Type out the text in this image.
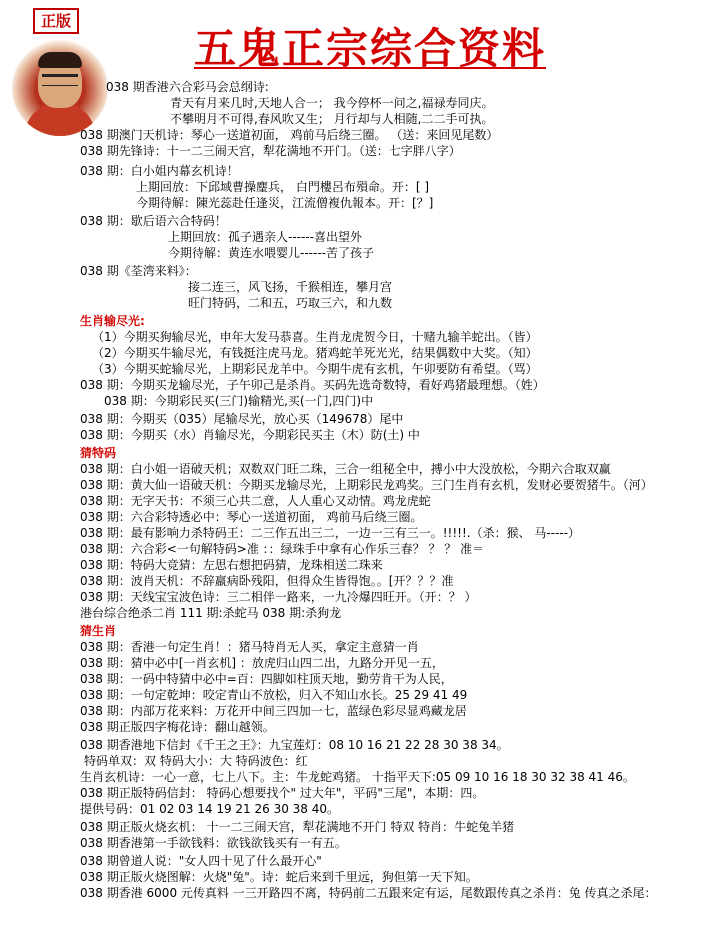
正版
五鬼正宗综合资料
038 期香港六合彩马会总纲诗:
青天有月来几时,天地人合一； 我今停杯一问之,福禄寿同庆。
不攀明月不可得,春风吹又生； 月行却与人相随,二二手可执。
038 期澳门天机诗：琴心一送道初面， 鸡前马后绕三圈。 （送：来回见尾数）
038 期先锋诗：十一二三闹天宫，犁花满地不开门。（送：七字胖八字）
038 期：白小姐内幕玄机诗！
上期回放：下邱域曹操麈兵， 白門樓呂布殞命。开：[ ]
今期待解：陳光蕊赴任逢災，江流僧複仇報本。开：[？]
038 期：歇后语六合特码！
上期回放：孤子遇亲人------喜出望外
今期待解：黄连水喂婴儿------苦了孩子
038 期《荃湾来料》：
接二连三，风飞扬，千猴相连，攀月宫
旺门特码，二和五，巧取三六，和九数
生肖输尽光:
（1）今期买狗输尽光，申年大发马恭喜。生肖龙虎贺今日，十赌九输羊蛇出。（皆）
（2）今期买牛输尽光，有钱挺注虎马龙。猪鸡蛇羊死光光，结果偶数中大奖。（知）
（3）今期买蛇输尽光，上期彩民龙羊中。今期牛虎有玄机，午卯要防有希望。（骂）
038 期：今期买龙输尽光，子午卯己是杀肖。买码先选奇数特，看好鸡猪最理想。（姓）
038 期：今期彩民买(三门)输精光,买(一门,四门)中
038 期：今期买（035）尾输尽光，放心买（149678）尾中
038 期：今期买（水）肖输尽光，今期彩民买主（木）防(土) 中
猜特码
038 期：白小姐一语破天机；双数双门旺二珠，三合一组秘全中，搏小中大没放松，今期六合取双赢
038 期：黄大仙一语破天机：今期买龙输尽光，上期彩民龙鸡奖。三门生肖有玄机，发财必要贺猪牛。（河）
038 期：无字天书：不须三心共二意，人人重心又动情。鸡龙虎蛇
038 期：六合彩特透必中：琴心一送道初面， 鸡前马后绕三圈。
038 期：最有影响力杀特码王：二三作五出三二，一边一三有三一。!!!!!.（杀：猴、 马-----）
038 期：六合彩<一句解特码>准 ：：绿珠手中拿有心作乐三春？ ？ ？ 准＝
038 期：特码大竞猜：左思右想把码猜，龙珠相送二珠来
038 期：波肖天机：不辞羸病卧残阳，但得众生皆得饱。。[开？？？准
038 期：天线宝宝波色诗：三二相伴一路来，一九冷爆四旺开。（开：？ ）
港台综合绝杀二肖 111 期:杀蛇马 038 期:杀狗龙
猜生肖
038 期：香港一句定生肖！：猪马特肖无人买，拿定主意猜一肖
038 期：猜中必中[一肖玄机] ：放虎归山四二出，九路分开见一五，
038 期：一码中特猜中必中=百：四脚如柱顶天地，勤劳肯干为人民，
038 期：一句定乾坤：咬定青山不放松，归入不知山水长。25 29 41 49
038 期：内部万花来料：万花开中间三四加一七，蓝绿色彩尽显鸡藏龙居
038 期正版四字梅花诗：翻山越领。
038 期香港地下信封《千王之王》：九宝莲灯：08 10 16 21 22 28 30 38 34。
特码单双：双 特码大小：大 特码波色：红
生肖玄机诗：一心一意，七上八下。主：牛龙蛇鸡猪。 十指平天下:05 09 10 16 18 30 32 38 41 46。
038 期正版特码信封： 特码心想要找个" 过大年"，平码"三尾"，本期：四。
提供号码：01 02 03 14 19 21 26 30 38 40。
038 期正版火烧玄机： 十一二三闹天宫，犁花满地不开门 特双 特肖：牛蛇兔羊猪
038 期香港第一手欲钱料：欲钱欲钱买有一有五。
038 期曾道人说："女人四十见了什么最开心"
038 期正版火烧图解：火烧"兔"。诗：蛇后来到千里远，狗但第一天下知。
038 期香港 6000 元传真料 一三开路四不离，特码前二五跟来定有运，尾数跟传真之杀肖：兔 传真之杀尾：
